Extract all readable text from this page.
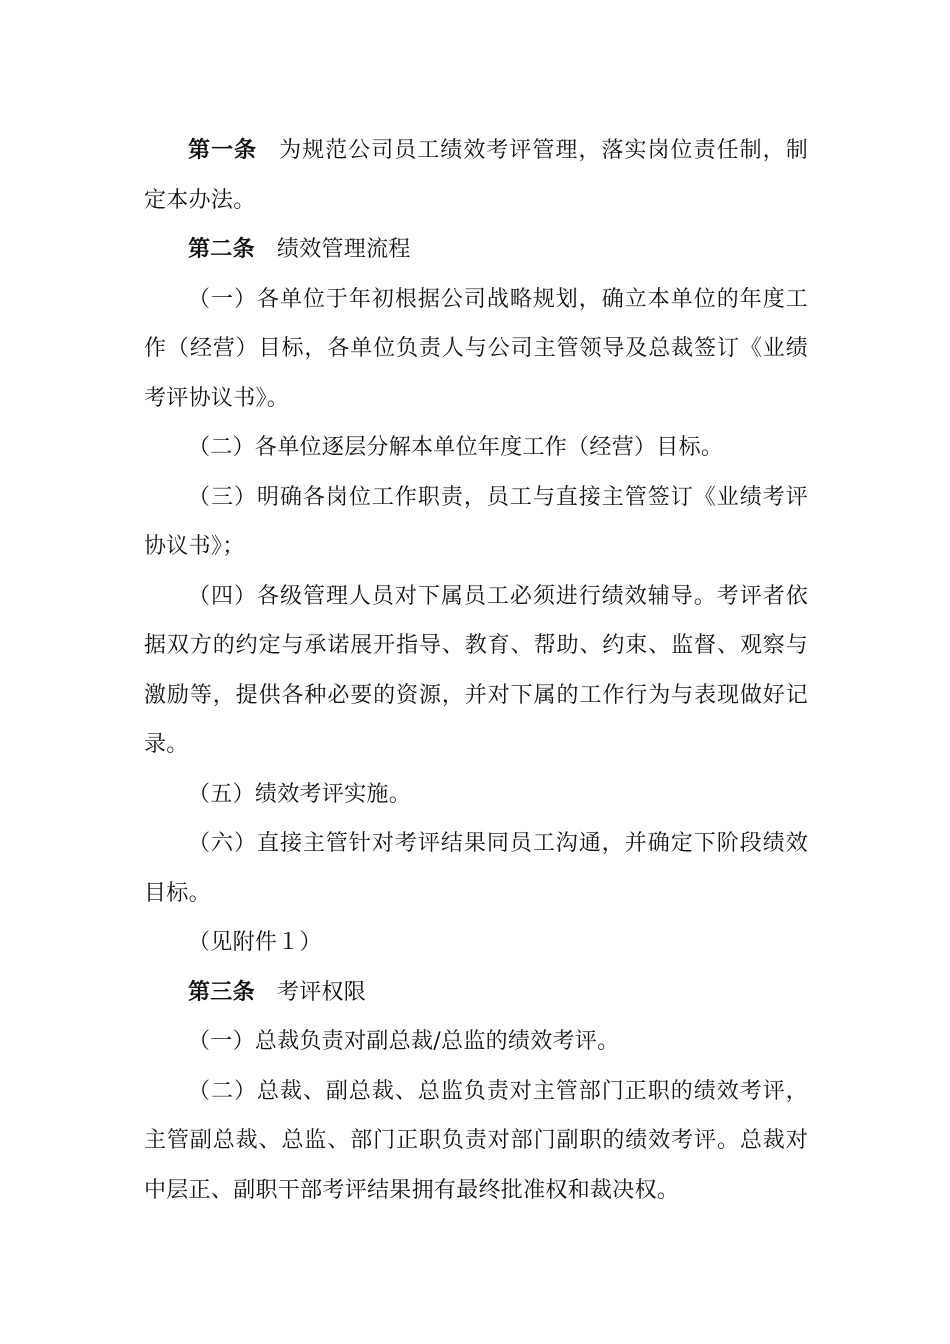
第一条 为规范公司员工绩效考评管理，落实岗位责任制，制定本办法。

第二条 绩效管理流程

（一）各单位于年初根据公司战略规划，确立本单位的年度工作（经营）目标，各单位负责人与公司主管领导及总裁签订《业绩考评协议书》。

（二）各单位逐层分解本单位年度工作（经营）目标。

（三）明确各岗位工作职责，员工与直接主管签订《业绩考评协议书》；

（四）各级管理人员对下属员工必须进行绩效辅导。考评者依据双方的约定与承诺展开指导、教育、帮助、约束、监督、观察与激励等，提供各种必要的资源，并对下属的工作行为与表现做好记录。

（五）绩效考评实施。

（六）直接主管针对考评结果同员工沟通，并确定下阶段绩效目标。

（见附件１）

第三条 考评权限

（一）总裁负责对副总裁/总监的绩效考评。

（二）总裁、副总裁、总监负责对主管部门正职的绩效考评，主管副总裁、总监、部门正职负责对部门副职的绩效考评。总裁对中层正、副职干部考评结果拥有最终批准权和裁决权。
